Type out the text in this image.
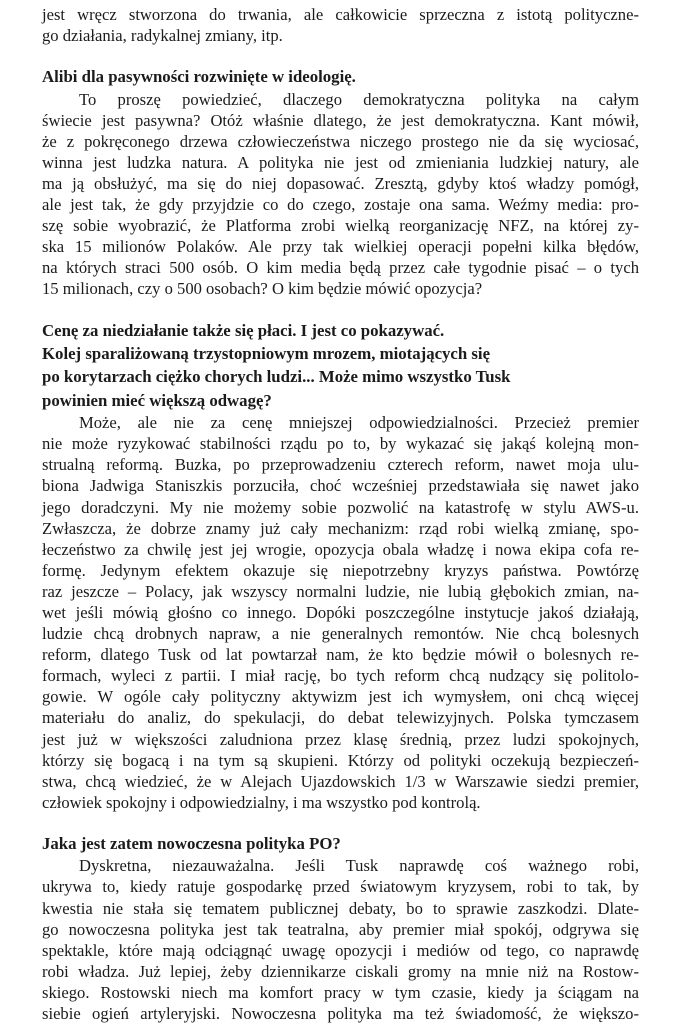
jest wręcz stworzona do trwania, ale całkowicie sprzeczna z istotą polityczne-
go działania, radykalnej zmiany, itp.
Alibi dla pasywności rozwinięte w ideologię.
To proszę powiedzieć, dlaczego demokratyczna polityka na całym
świecie jest pasywna? Otóż właśnie dlatego, że jest demokratyczna. Kant mówił,
że z pokręconego drzewa człowieczeństwa niczego prostego nie da się wyciosać,
winna jest ludzka natura. A polityka nie jest od zmieniania ludzkiej natury, ale
ma ją obsłużyć, ma się do niej dopasować. Zresztą, gdyby ktoś władzy pomógł,
ale jest tak, że gdy przyjdzie co do czego, zostaje ona sama. Weźmy media: pro-
szę sobie wyobrazić, że Platforma zrobi wielką reorganizację NFZ, na której zy-
ska 15 milionów Polaków. Ale przy tak wielkiej operacji popełni kilka błędów,
na których straci 500 osób. O kim media będą przez całe tygodnie pisać – o tych
15 milionach, czy o 500 osobach? O kim będzie mówić opozycja?
Cenę za niedziałanie także się płaci. I jest co pokazywać.
Kolej sparaliżowaną trzystopniowym mrozem, miotających się
po korytarzach ciężko chorych ludzi... Może mimo wszystko Tusk
powinien mieć większą odwagę?
Może, ale nie za cenę mniejszej odpowiedzialności. Przecież premier
nie może ryzykować stabilności rządu po to, by wykazać się jakąś kolejną mon-
strualną reformą. Buzka, po przeprowadzeniu czterech reform, nawet moja ulu-
biona Jadwiga Staniszkis porzuciła, choć wcześniej przedstawiała się nawet jako
jego doradczyni. My nie możemy sobie pozwolić na katastrofę w stylu AWS-u.
Zwłaszcza, że dobrze znamy już cały mechanizm: rząd robi wielką zmianę, spo-
łeczeństwo za chwilę jest jej wrogie, opozycja obala władzę i nowa ekipa cofa re-
formę. Jedynym efektem okazuje się niepotrzebny kryzys państwa. Powtórzę
raz jeszcze – Polacy, jak wszyscy normalni ludzie, nie lubią głębokich zmian, na-
wet jeśli mówią głośno co innego. Dopóki poszczególne instytucje jakoś działają,
ludzie chcą drobnych napraw, a nie generalnych remontów. Nie chcą bolesnych
reform, dlatego Tusk od lat powtarzał nam, że kto będzie mówił o bolesnych re-
formach, wyleci z partii. I miał rację, bo tych reform chcą nudzący się politolo-
gowie. W ogóle cały polityczny aktywizm jest ich wymysłem, oni chcą więcej
materiału do analiz, do spekulacji, do debat telewizyjnych. Polska tymczasem
jest już w większości zaludniona przez klasę średnią, przez ludzi spokojnych,
którzy się bogacą i na tym są skupieni. Którzy od polityki oczekują bezpieczeń-
stwa, chcą wiedzieć, że w Alejach Ujazdowskich 1/3 w Warszawie siedzi premier,
człowiek spokojny i odpowiedzialny, i ma wszystko pod kontrolą.
Jaka jest zatem nowoczesna polityka PO?
Dyskretna, niezauważalna. Jeśli Tusk naprawdę coś ważnego robi,
ukrywa to, kiedy ratuje gospodarkę przed światowym kryzysem, robi to tak, by
kwestia nie stała się tematem publicznej debaty, bo to sprawie zaszkodzi. Dlate-
go nowoczesna polityka jest tak teatralna, aby premier miał spokój, odgrywa się
spektakle, które mają odciągnąć uwagę opozycji i mediów od tego, co naprawdę
robi władza. Już lepiej, żeby dziennikarze ciskali gromy na mnie niż na Rostow-
skiego. Rostowski niech ma komfort pracy w tym czasie, kiedy ja ściągam na
siebie ogień artyleryjski. Nowoczesna polityka ma też świadomość, że większo-
